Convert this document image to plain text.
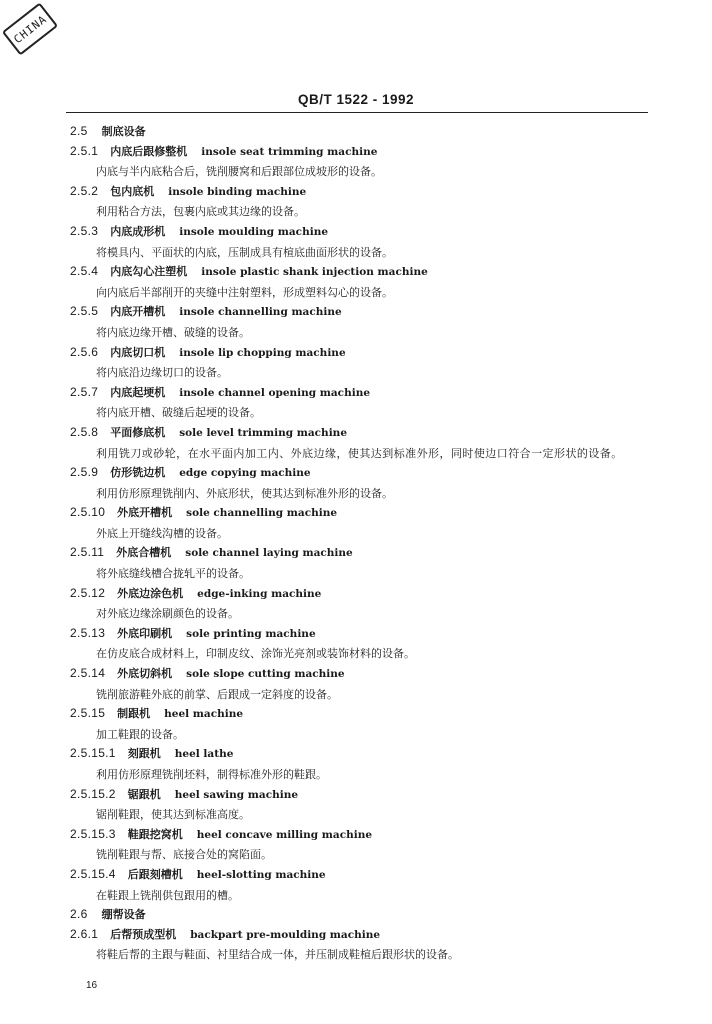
CHINA
QB/T 1522 - 1992
2.5 制底设备
2.5.1 内底后跟修整机 insole seat trimming machine
内底与半内底粘合后，铣削腰窝和后跟部位成坡形的设备。
2.5.2 包内底机 insole binding machine
利用粘合方法，包裹内底或其边缘的设备。
2.5.3 内底成形机 insole moulding machine
将模具内、平面状的内底，压制成具有楦底曲面形状的设备。
2.5.4 内底勾心注塑机 insole plastic shank injection machine
向内底后半部削开的夹缝中注射塑料，形成塑料勾心的设备。
2.5.5 内底开槽机 insole channelling machine
将内底边缘开槽、破缝的设备。
2.5.6 内底切口机 insole lip chopping machine
将内底沿边缘切口的设备。
2.5.7 内底起埂机 insole channel opening machine
将内底开槽、破缝后起埂的设备。
2.5.8 平面修底机 sole level trimming machine
利用铣刀或砂轮，在水平面内加工内、外底边缘，使其达到标准外形，同时使边口符合一定形状的设备。
2.5.9 仿形铣边机 edge copying machine
利用仿形原理铣削内、外底形状，使其达到标准外形的设备。
2.5.10 外底开槽机 sole channelling machine
外底上开缝线沟槽的设备。
2.5.11 外底合槽机 sole channel laying machine
将外底缝线槽合拢轧平的设备。
2.5.12 外底边涂色机 edge-inking machine
对外底边缘涂刷颜色的设备。
2.5.13 外底印刷机 sole printing machine
在仿皮底合成材料上，印制皮纹、涂饰光亮剂或装饰材料的设备。
2.5.14 外底切斜机 sole slope cutting machine
铣削旅游鞋外底的前掌、后跟成一定斜度的设备。
2.5.15 制跟机 heel machine
加工鞋跟的设备。
2.5.15.1 刻跟机 heel lathe
利用仿形原理铣削坯料，制得标准外形的鞋跟。
2.5.15.2 锯跟机 heel sawing machine
锯削鞋跟，使其达到标准高度。
2.5.15.3 鞋跟挖窝机 heel concave milling machine
铣削鞋跟与帮、底接合处的窝陷面。
2.5.15.4 后跟刻槽机 heel-slotting machine
在鞋跟上铣削供包跟用的槽。
2.6 绷帮设备
2.6.1 后帮预成型机 backpart pre-moulding machine
将鞋后帮的主跟与鞋面、衬里结合成一体，并压制成鞋楦后跟形状的设备。
16
